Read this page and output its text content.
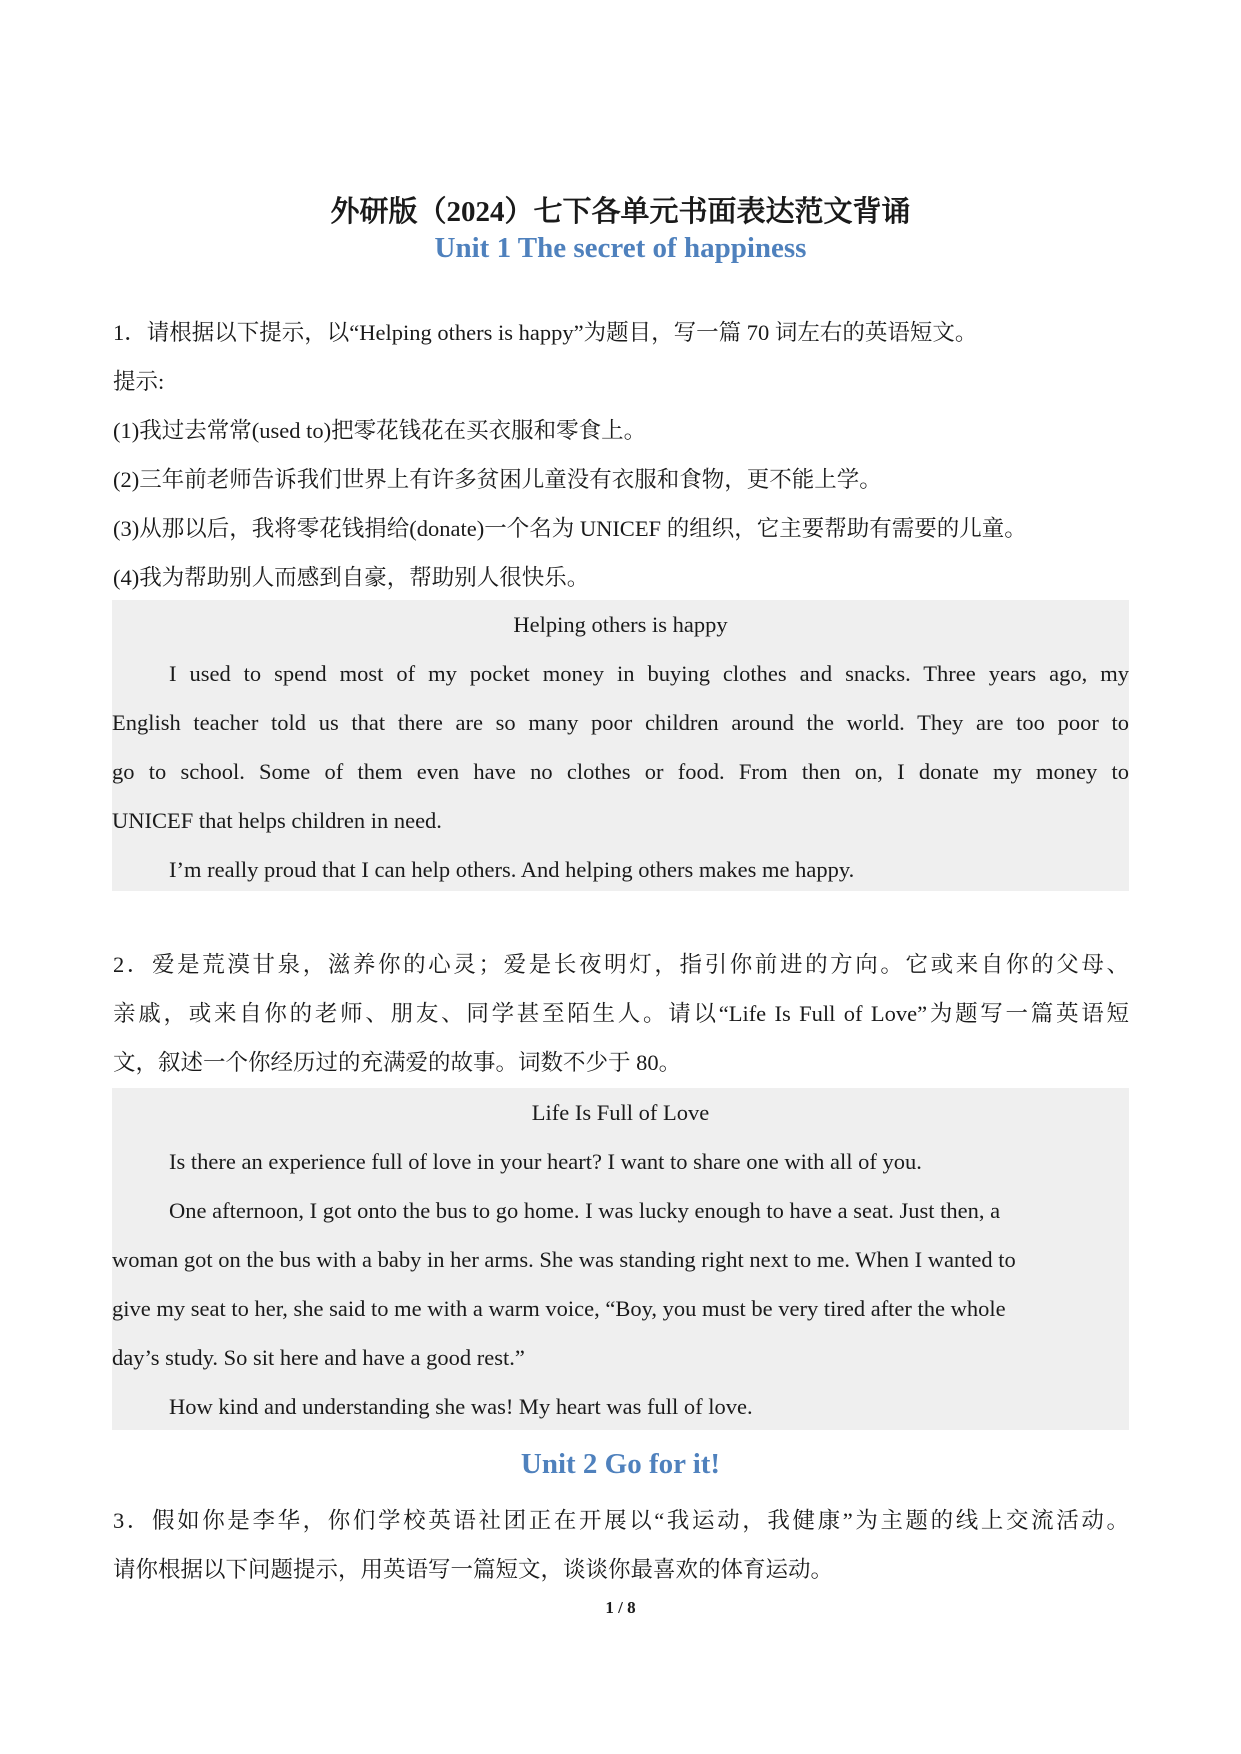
外研版（2024）七下各单元书面表达范文背诵
Unit 1 The secret of happiness
1．请根据以下提示，以“Helping others is happy”为题目，写一篇 70 词左右的英语短文。
提示:
(1)我过去常常(used to)把零花钱花在买衣服和零食上。
(2)三年前老师告诉我们世界上有许多贫困儿童没有衣服和食物，更不能上学。
(3)从那以后，我将零花钱捐给(donate)一个名为 UNICEF 的组织，它主要帮助有需要的儿童。
(4)我为帮助别人而感到自豪，帮助别人很快乐。
Helping others is happy
I used to spend most of my pocket money in buying clothes and snacks. Three years ago, my
English teacher told us that there are so many poor children around the world. They are too poor to
go to school. Some of them even have no clothes or food. From then on, I donate my money to
UNICEF that helps children in need.
I’m really proud that I can help others. And helping others makes me happy.
2．爱是荒漠甘泉，滋养你的心灵；爱是长夜明灯，指引你前进的方向。它或来自你的父母、
亲戚，或来自你的老师、朋友、同学甚至陌生人。请以“Life Is Full of Love”为题写一篇英语短
文，叙述一个你经历过的充满爱的故事。词数不少于 80。
Life Is Full of Love
Is there an experience full of love in your heart? I want to share one with all of you.
One afternoon, I got onto the bus to go home. I was lucky enough to have a seat. Just then, a
woman got on the bus with a baby in her arms. She was standing right next to me. When I wanted to
give my seat to her, she said to me with a warm voice, “Boy, you must be very tired after the whole
day’s study. So sit here and have a good rest.”
How kind and understanding she was! My heart was full of love.
Unit 2 Go for it!
3．假如你是李华，你们学校英语社团正在开展以“我运动，我健康”为主题的线上交流活动。
请你根据以下问题提示，用英语写一篇短文，谈谈你最喜欢的体育运动。
1 / 8
